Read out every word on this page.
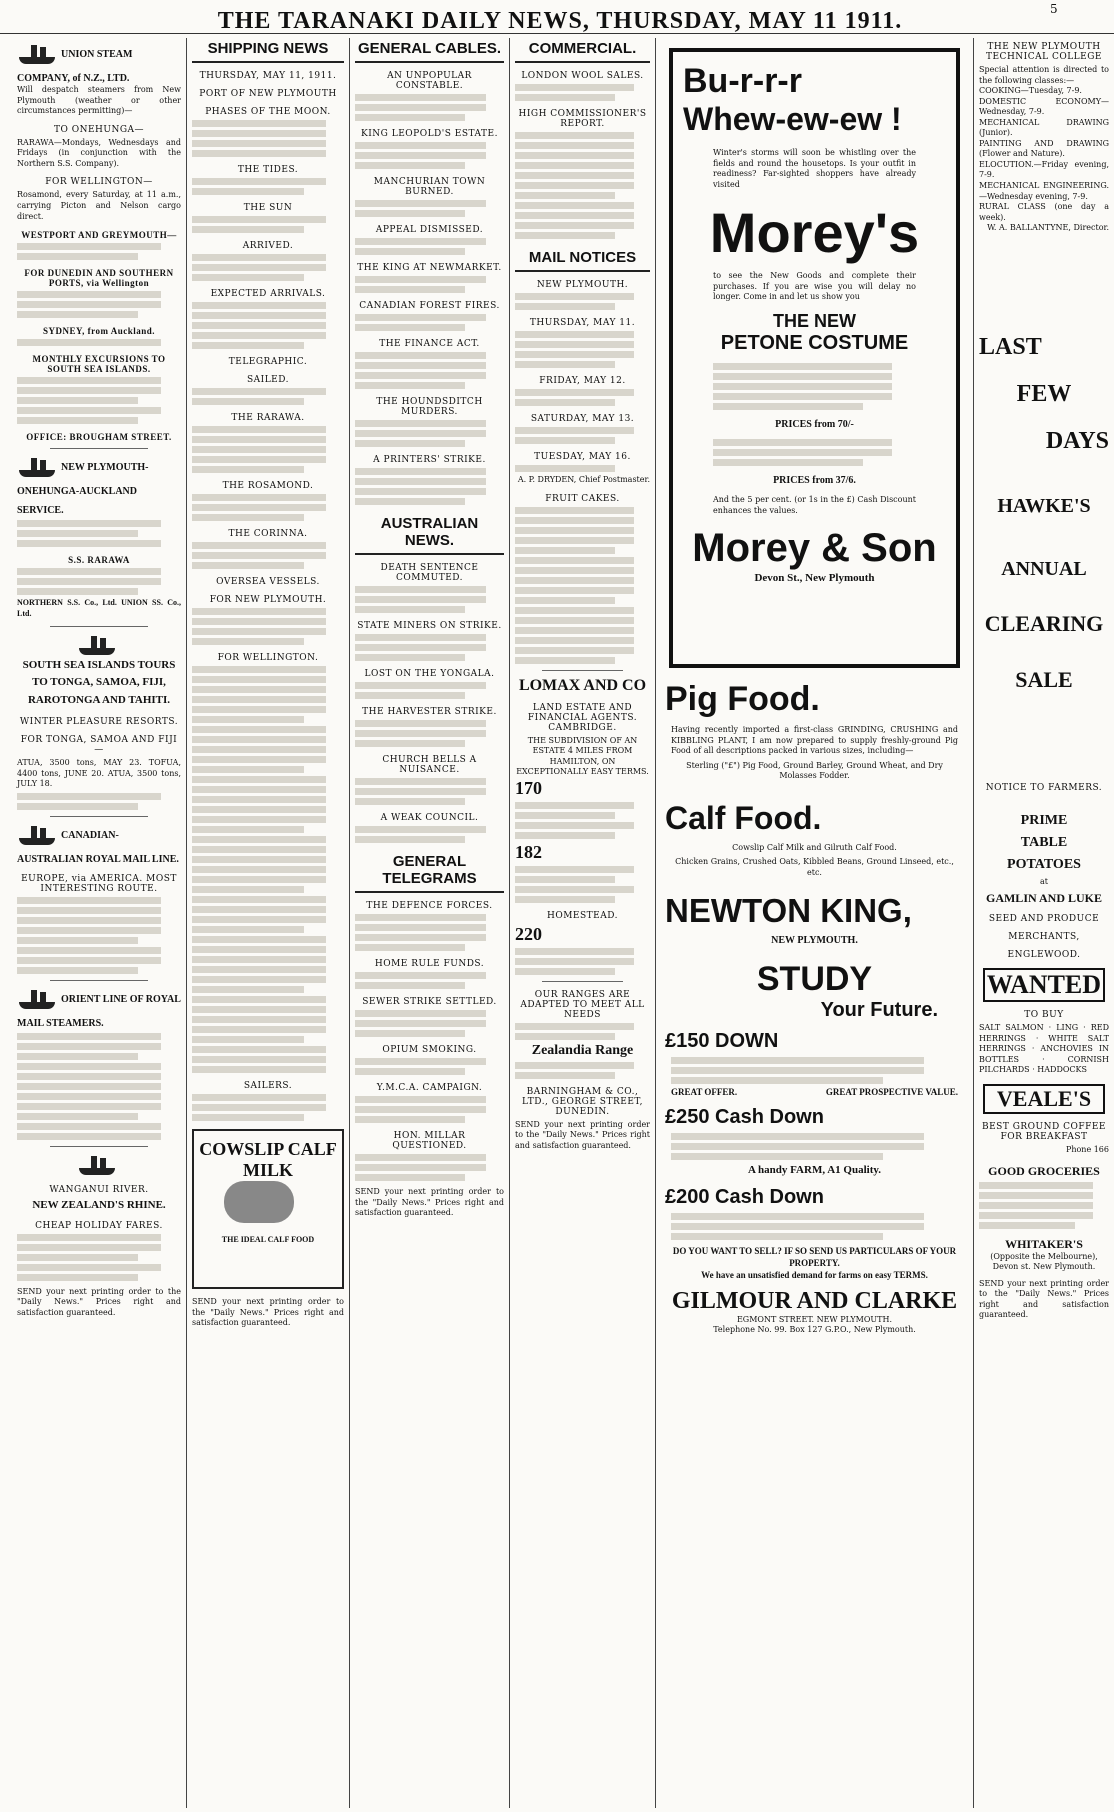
THE TARANAKI DAILY NEWS, THURSDAY, MAY 11 1911.	5
UNION STEAM COMPANY, of N.Z., LTD.
Will despatch steamers from New Plymouth (weather or other circumstances permitting)—
TO ONEHUNGA—
RARAWA—Mondays, Wednesdays and Fridays (in conjunction with the Northern S.S. Company).
FOR WELLINGTON—
Rosamond, every Saturday, at 11 a.m., carrying Picton and Nelson cargo direct.
WESTPORT AND GREYMOUTH—
FOR DUNEDIN AND SOUTHERN PORTS, via Wellington
SYDNEY, from Auckland.
MONTHLY EXCURSIONS TO SOUTH SEA ISLANDS.
OFFICE: BROUGHAM STREET.
NEW PLYMOUTH-ONEHUNGA-AUCKLAND SERVICE.
S.S. RARAWA
NORTHERN S.S. Co., Ltd. UNION SS. Co., Ltd.
SOUTH SEA ISLANDS TOURS TO TONGA, SAMOA, FIJI, RAROTONGA AND TAHITI.
WINTER PLEASURE RESORTS.
FOR TONGA, SAMOA AND FIJI—
ATUA, 3500 tons, MAY 23. TOFUA, 4400 tons, JUNE 20. ATUA, 3500 tons, JULY 18.
CANADIAN-AUSTRALIAN ROYAL MAIL LINE.
EUROPE, via AMERICA. MOST INTERESTING ROUTE.
ORIENT LINE OF ROYAL MAIL STEAMERS.
WANGANUI RIVER.
NEW ZEALAND'S RHINE.
CHEAP HOLIDAY FARES.
SEND your next printing order to the "Daily News." Prices right and satisfaction guaranteed.
SHIPPING NEWS
THURSDAY, MAY 11, 1911.
PORT OF NEW PLYMOUTH
PHASES OF THE MOON.
THE TIDES.
THE SUN
ARRIVED.
EXPECTED ARRIVALS.
TELEGRAPHIC.
SAILED.
THE RARAWA.
THE ROSAMOND.
THE CORINNA.
OVERSEA VESSELS.
FOR NEW PLYMOUTH.
FOR WELLINGTON.
SAILERS.
COWSLIP CALF MILK
THE IDEAL CALF FOOD
SEND your next printing order to the "Daily News." Prices right and satisfaction guaranteed.
GENERAL CABLES.
AN UNPOPULAR CONSTABLE.
KING LEOPOLD'S ESTATE.
MANCHURIAN TOWN BURNED.
APPEAL DISMISSED.
THE KING AT NEWMARKET.
CANADIAN FOREST FIRES.
THE FINANCE ACT.
THE HOUNDSDITCH MURDERS.
A PRINTERS' STRIKE.
AUSTRALIAN NEWS.
DEATH SENTENCE COMMUTED.
STATE MINERS ON STRIKE.
LOST ON THE YONGALA.
THE HARVESTER STRIKE.
CHURCH BELLS A NUISANCE.
A WEAK COUNCIL.
GENERAL TELEGRAMS
THE DEFENCE FORCES.
HOME RULE FUNDS.
SEWER STRIKE SETTLED.
OPIUM SMOKING.
Y.M.C.A. CAMPAIGN.
HON. MILLAR QUESTIONED.
SEND your next printing order to the "Daily News." Prices right and satisfaction guaranteed.
COMMERCIAL.
LONDON WOOL SALES.
HIGH COMMISSIONER'S REPORT.
MAIL NOTICES
NEW PLYMOUTH.
THURSDAY, MAY 11.
FRIDAY, MAY 12.
SATURDAY, MAY 13.
TUESDAY, MAY 16.
A. P. DRYDEN, Chief Postmaster.
FRUIT CAKES.
LOMAX AND CO
LAND ESTATE AND FINANCIAL AGENTS. CAMBRIDGE.
THE SUBDIVISION OF AN ESTATE 4 MILES FROM HAMILTON, ON EXCEPTIONALLY EASY TERMS.
170
182
HOMESTEAD.
220
OUR RANGES ARE ADAPTED TO MEET ALL NEEDS
Zealandia Range
BARNINGHAM & CO., LTD., GEORGE STREET, DUNEDIN.
SEND your next printing order to the "Daily News." Prices right and satisfaction guaranteed.
Bu-r-r-r
Whew-ew-ew !
Winter's storms will soon be whistling over the fields and round the housetops. Is your outfit in readiness? Far-sighted shoppers have already visited
Morey's
to see the New Goods and complete their purchases. If you are wise you will delay no longer. Come in and let us show you
THE NEW
PETONE COSTUME
PRICES from 70/-
PRICES from 37/6.
And the 5 per cent. (or 1s in the £) Cash Discount enhances the values.
Morey & Son
Devon St., New Plymouth
Pig Food.
Having recently imported a first-class GRINDING, CRUSHING and KIBBLING PLANT, I am now prepared to supply freshly-ground Pig Food of all descriptions packed in various sizes, including—
Sterling ("£") Pig Food, Ground Barley, Ground Wheat, and Dry Molasses Fodder.
Calf Food.
Cowslip Calf Milk and Gilruth Calf Food.
Chicken Grains, Crushed Oats, Kibbled Beans, Ground Linseed, etc., etc.
NEWTON KING,
NEW PLYMOUTH.
STUDY
Your Future.
£150 DOWN
GREAT OFFER.	GREAT PROSPECTIVE VALUE.
£250 Cash Down
A handy FARM, A1 Quality.
£200 Cash Down
DO YOU WANT TO SELL? IF SO SEND US PARTICULARS OF YOUR PROPERTY.
We have an unsatisfied demand for farms on easy TERMS.
GILMOUR AND CLARKE
EGMONT STREET. NEW PLYMOUTH.
Telephone No. 99. Box 127 G.P.O., New Plymouth.
THE NEW PLYMOUTH TECHNICAL COLLEGE
Special attention is directed to the following classes:—
COOKING—Tuesday, 7-9.
DOMESTIC ECONOMY—Wednesday, 7-9.
MECHANICAL DRAWING (Junior).
PAINTING AND DRAWING (Flower and Nature).
ELOCUTION.—Friday evening, 7-9.
MECHANICAL ENGINEERING.—Wednesday evening, 7-9.
RURAL CLASS (one day a week).
W. A. BALLANTYNE, Director.
LAST
FEW
DAYS
HAWKE'S
ANNUAL
CLEARING
SALE
NOTICE TO FARMERS.
PRIME
TABLE
POTATOES
at
GAMLIN AND LUKE
SEED AND PRODUCE
MERCHANTS,
ENGLEWOOD.
WANTED
TO BUY
SALT SALMON · LING · RED HERRINGS · WHITE SALT HERRINGS · ANCHOVIES IN BOTTLES · CORNISH PILCHARDS · HADDOCKS
VEALE'S
BEST GROUND COFFEE FOR BREAKFAST
Phone 166
GOOD GROCERIES
WHITAKER'S
(Opposite the Melbourne), Devon st. New Plymouth.
SEND your next printing order to the "Daily News." Prices right and satisfaction guaranteed.
